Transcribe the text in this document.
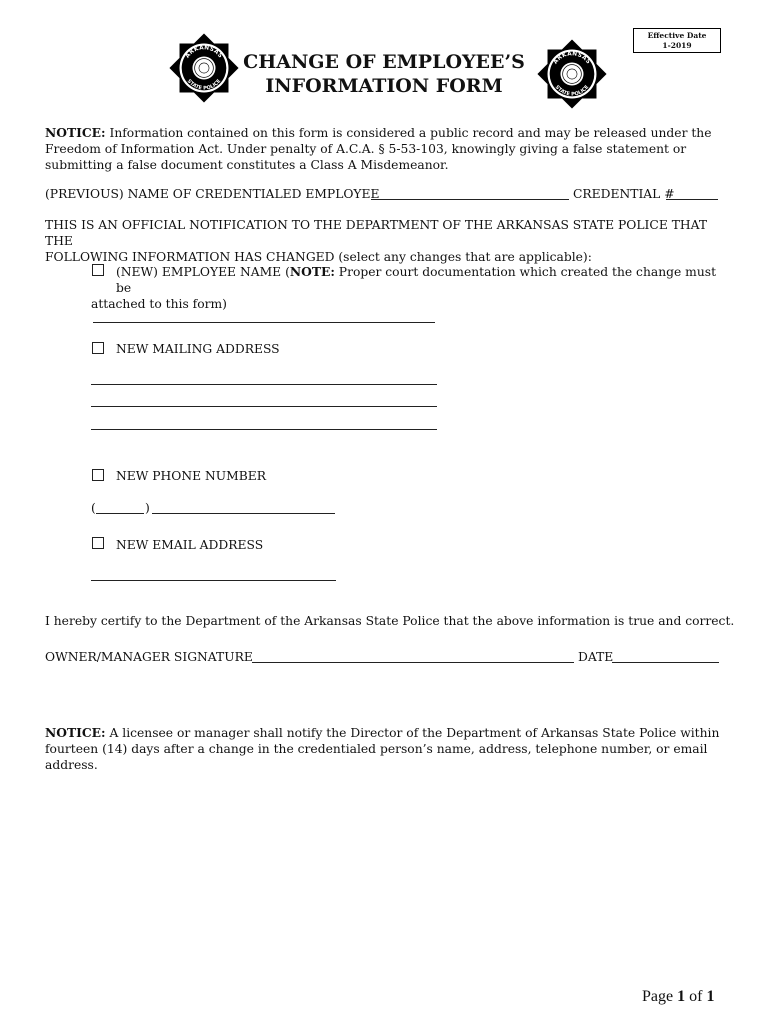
Effective Date
1-2019
ARKANSAS
STATE POLICE
CHANGE OF EMPLOYEE’S
INFORMATION FORM
ARKANSAS
STATE POLICE
NOTICE: Information contained on this form is considered a public record and may be released under the
Freedom of Information Act. Under penalty of A.C.A. § 5-53-103, knowingly giving a false statement or
submitting a false document constitutes a Class A Misdemeanor.
(PREVIOUS) NAME OF CREDENTIALED EMPLOYEE	CREDENTIAL #
THIS IS AN OFFICIAL NOTIFICATION TO THE DEPARTMENT OF THE ARKANSAS STATE POLICE THAT THE
FOLLOWING INFORMATION HAS CHANGED (select any changes that are applicable):
(NEW) EMPLOYEE NAME (NOTE: Proper court documentation which created the change must be
attached to this form)
NEW MAILING ADDRESS
NEW PHONE NUMBER
(	)
NEW EMAIL ADDRESS
I hereby certify to the Department of the Arkansas State Police that the above information is true and correct.
OWNER/MANAGER SIGNATURE	DATE
NOTICE: A licensee or manager shall notify the Director of the Department of Arkansas State Police within
fourteen (14) days after a change in the credentialed person’s name, address, telephone number, or email
address.
Page 1 of 1
